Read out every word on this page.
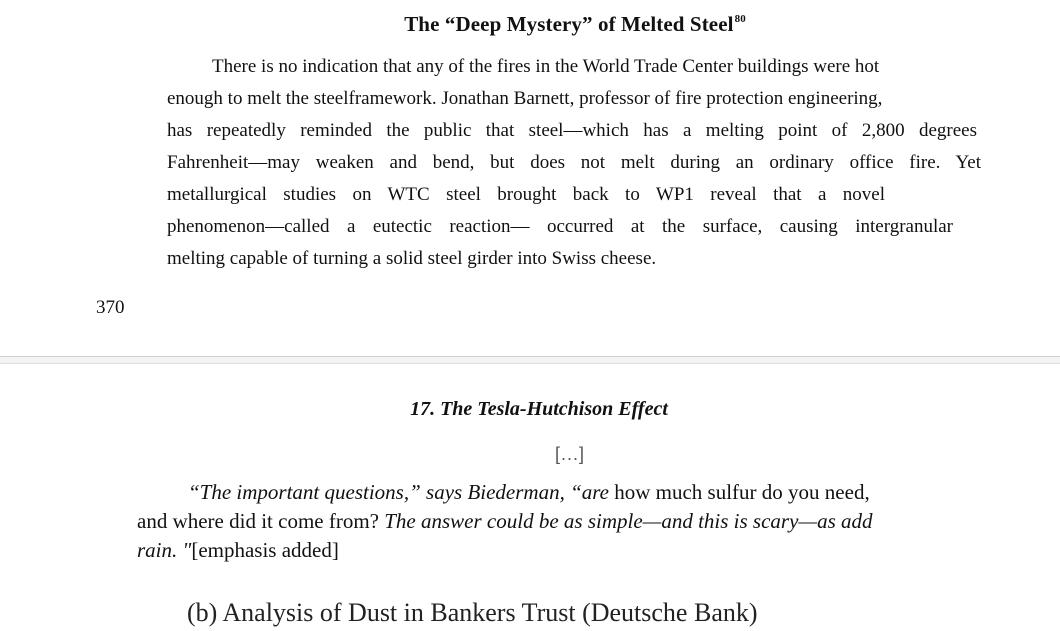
The “Deep Mystery” of Melted Steel$^{80}$
There is no indication that any of the fires in the World Trade Center buildings were hot
enough to melt the steelframework. Jonathan Barnett, professor of fire protection engineering,
has repeatedly reminded the public that steel—which has a melting point of 2,800 degrees
Fahrenheit—may weaken and bend, but does not melt during an ordinary office fire. Yet
metallurgical studies on WTC steel brought back to WP1 reveal that a novel
phenomenon—called a eutectic reaction— occurred at the surface, causing intergranular
melting capable of turning a solid steel girder into Swiss cheese.
370
17. The Tesla-Hutchison Effect
[...]
“The important questions,” says Biederman, “are how much sulfur do you need,
and where did it come from? The answer could be as simple—and this is scary—as add
rain. "[emphasis added]
(b) Analysis of Dust in Bankers Trust (Deutsche Bank)
